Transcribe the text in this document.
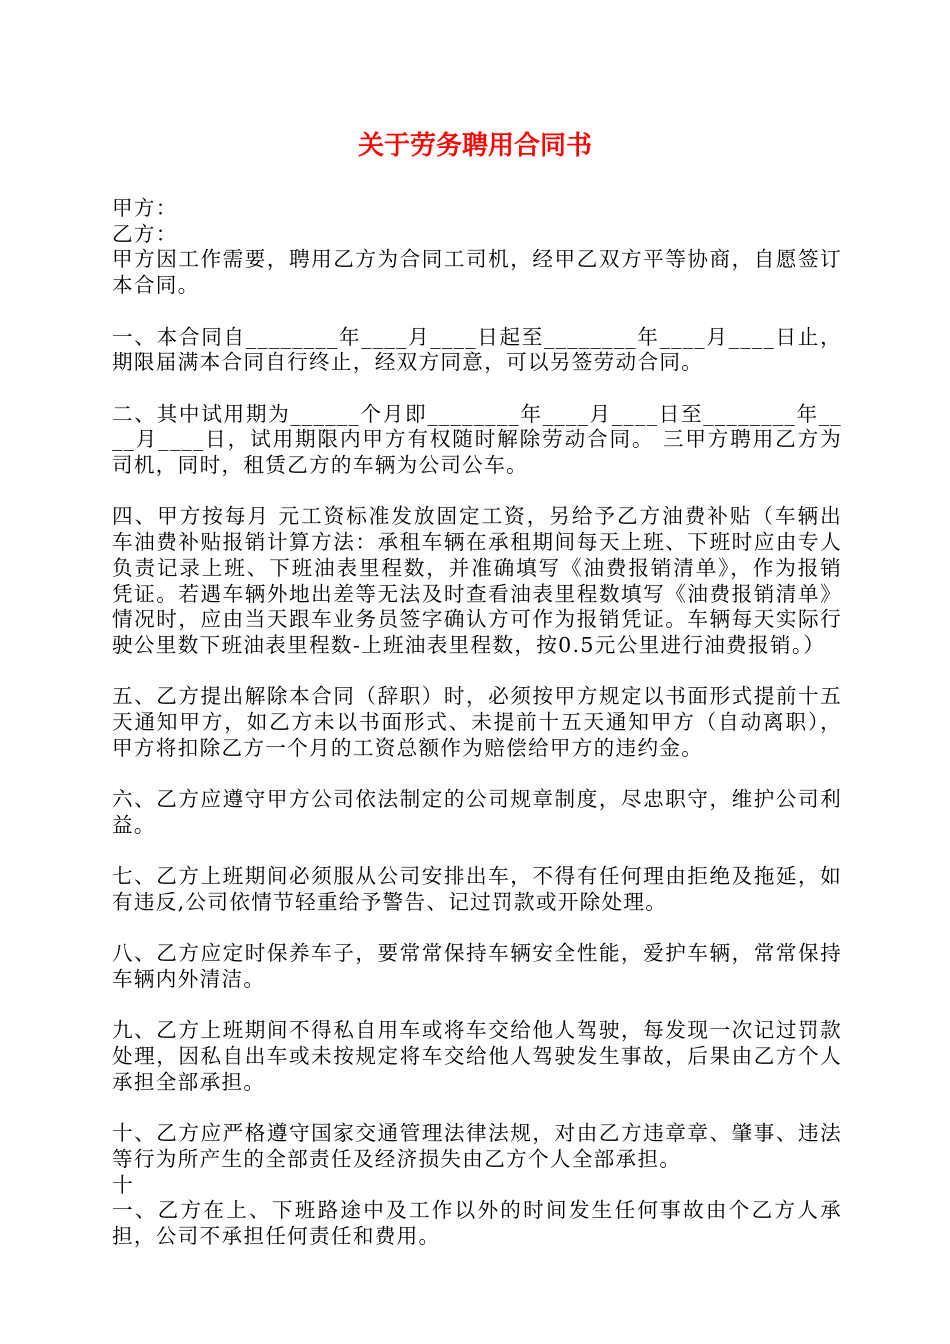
关于劳务聘用合同书

甲方：

乙方：

甲方因工作需要，聘用乙方为合同工司机，经甲乙双方平等协商，自愿签订本合同。

一、本合同自________年____月____日起至________年____月____日止，期限届满本合同自行终止，经双方同意，可以另签劳动合同。

二、其中试用期为______个月即________年____月____日至________年____月____日，试用期限内甲方有权随时解除劳动合同。 三甲方聘用乙方为司机，同时，租赁乙方的车辆为公司公车。

四、甲方按每月 元工资标准发放固定工资，另给予乙方油费补贴（车辆出车油费补贴报销计算方法：承租车辆在承租期间每天上班、下班时应由专人负责记录上班、下班油表里程数，并准确填写《油费报销清单》，作为报销凭证。若遇车辆外地出差等无法及时查看油表里程数填写《油费报销清单》情况时，应由当天跟车业务员签字确认方可作为报销凭证。车辆每天实际行驶公里数下班油表里程数-上班油表里程数，按0.5元公里进行油费报销。）

五、乙方提出解除本合同（辞职）时，必须按甲方规定以书面形式提前十五天通知甲方，如乙方未以书面形式、未提前十五天通知甲方（自动离职），甲方将扣除乙方一个月的工资总额作为赔偿给甲方的违约金。

六、乙方应遵守甲方公司依法制定的公司规章制度，尽忠职守，维护公司利益。

七、乙方上班期间必须服从公司安排出车，不得有任何理由拒绝及拖延，如有违反,公司依情节轻重给予警告、记过罚款或开除处理。

八、乙方应定时保养车子，要常常保持车辆安全性能，爱护车辆，常常保持车辆内外清洁。

九、乙方上班期间不得私自用车或将车交给他人驾驶，每发现一次记过罚款处理，因私自出车或未按规定将车交给他人驾驶发生事故，后果由乙方个人承担全部承担。

十、乙方应严格遵守国家交通管理法律法规，对由乙方违章章、肇事、违法等行为所产生的全部责任及经济损失由乙方个人全部承担。

十

一、乙方在上、下班路途中及工作以外的时间发生任何事故由个乙方人承担，公司不承担任何责任和费用。
